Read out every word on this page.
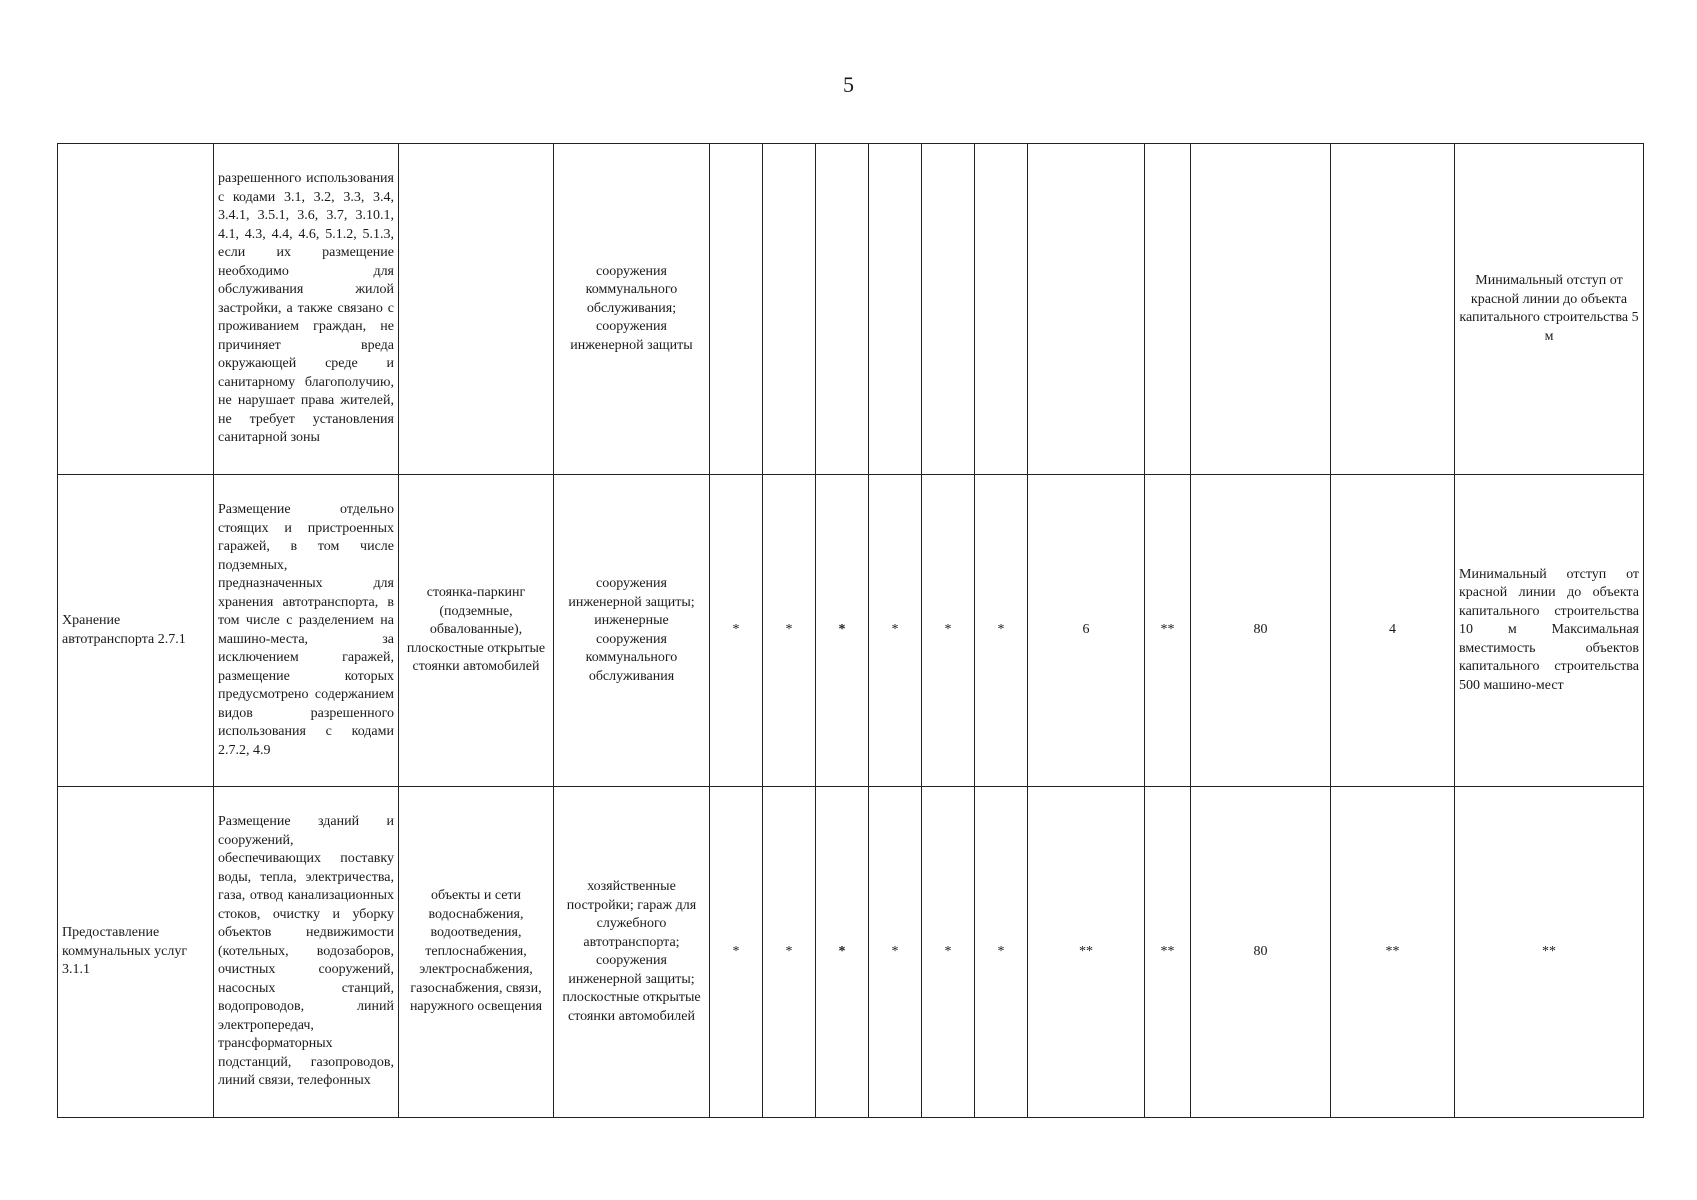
5
	разрешенного использования с кодами 3.1, 3.2, 3.3, 3.4, 3.4.1, 3.5.1, 3.6, 3.7, 3.10.1, 4.1, 4.3, 4.4, 4.6, 5.1.2, 5.1.3, если их размещение необходимо для обслуживания жилой застройки, а также связано с проживанием граждан, не причиняет вреда окружающей среде и санитарному благополучию, не нарушает права жителей, не требует установления санитарной зоны		сооружения коммунального обслуживания; сооружения инженерной защиты											Минимальный отступ от красной линии до объекта капитального строительства 5 м
Хранение автотранспорта 2.7.1	Размещение отдельно стоящих и пристроенных гаражей, в том числе подземных, предназначенных для хранения автотранспорта, в том числе с разделением на машино-места, за исключением гаражей, размещение которых предусмотрено содержанием видов разрешенного использования с кодами 2.7.2, 4.9	стоянка-паркинг (подземные, обвалованные), плоскостные открытые стоянки автомобилей	сооружения инженерной защиты; инженерные сооружения коммунального обслуживания	*	*	*	*	*	*	6	**	80	4	Минимальный отступ от красной линии до объекта капитального строительства 10 м Максимальная вместимость объектов капитального строительства 500 машино-мест
Предоставление коммунальных услуг 3.1.1	Размещение зданий и сооружений, обеспечивающих поставку воды, тепла, электричества, газа, отвод канализационных стоков, очистку и уборку объектов недвижимости (котельных, водозаборов, очистных сооружений, насосных станций, водопроводов, линий электропередач, трансформаторных подстанций, газопроводов, линий связи, телефонных	объекты и сети водоснабжения, водоотведения, теплоснабжения, электроснабжения, газоснабжения, связи, наружного освещения	хозяйственные постройки; гараж для служебного автотранспорта; сооружения инженерной защиты; плоскостные открытые стоянки автомобилей	*	*	*	*	*	*	**	**	80	**	**
